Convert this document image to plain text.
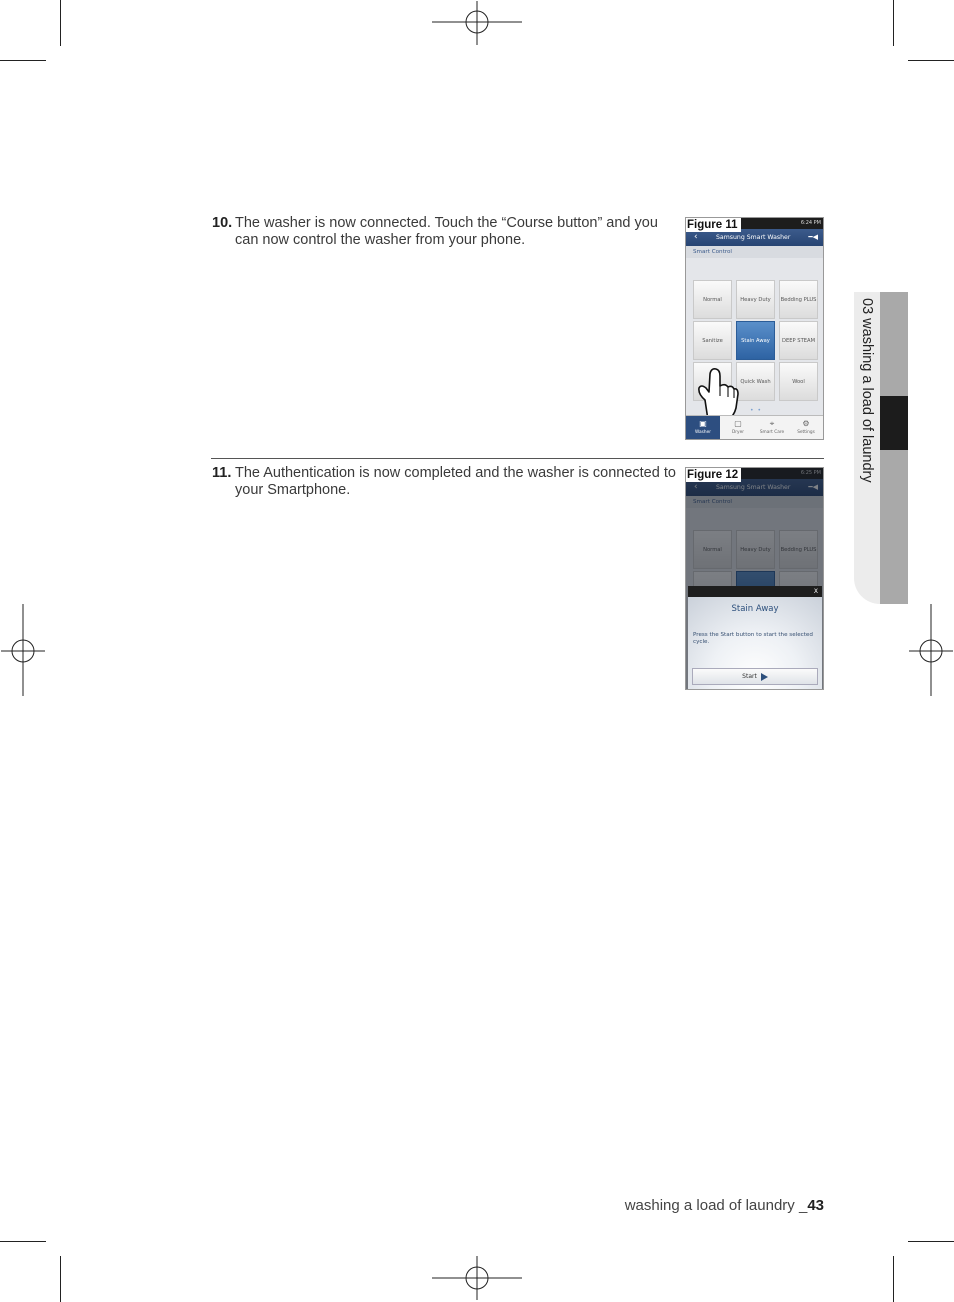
10. The washer is now connected. Touch the “Course button” and you
can now control the washer from your phone.
6:24 PM
Figure 11
‹	Samsung Smart Washer	━◀
Smart Control
Normal	Heavy Duty	Bedding PLUS
Sanitize	Stain Away	DEEP STEAM
Quick Wash	Wool
••
▣
Washer
▢
Dryer
⌖
Smart Care
⚙
Settings
11. The Authentication is now completed and the washer is connected to
your Smartphone.
Figure 12
X
Stain Away
Press the Start button to start the selected cycle.
Start
03 washing a load of laundry
washing a load of laundry _43
